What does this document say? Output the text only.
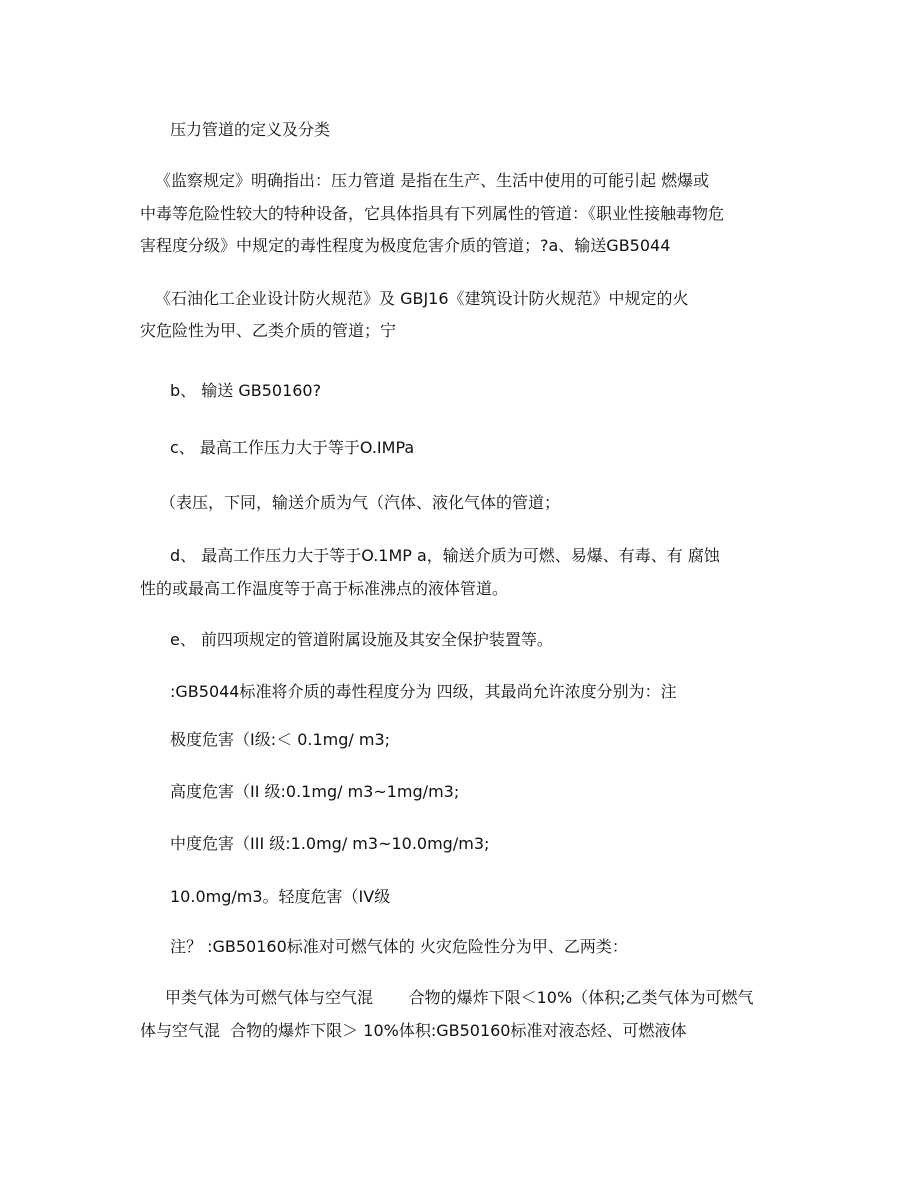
压力管道的定义及分类
《监察规定》明确指出：压力管道 是指在生产、生活中使用的可能引起 燃爆或
中毒等危险性较大的特种设备，它具体指具有下列属性的管道：《职业性接触毒物危
害程度分级》中规定的毒性程度为极度危害介质的管道；?a、输送GB5044
《石油化工企业设计防火规范》及 GBJ16《建筑设计防火规范》中规定的火
灾危险性为甲、乙类介质的管道；宁
b、 输送 GB50160?
c、 最高工作压力大于等于O.IMPa
（表压，下同，输送介质为气（汽体、液化气体的管道；
d、 最高工作压力大于等于O.1MP a，输送介质为可燃、易爆、有毒、有 腐蚀
性的或最高工作温度等于高于标准沸点的液体管道。
e、 前四项规定的管道附属设施及其安全保护装置等。
:GB5044标准将介质的毒性程度分为 四级，其最尚允许浓度分别为：注
极度危害（I级:＜ 0.1mg/ m3;
高度危害（II 级:0.1mg/ m3~1mg/m3;
中度危害（III 级:1.0mg/ m3~10.0mg/m3;
10.0mg/m3。轻度危害（IV级
注？ :GB50160标准对可燃气体的 火灾危险性分为甲、乙两类：
甲类气体为可燃气体与空气混       合物的爆炸下限＜10%（体积;乙类气体为可燃气
体与空气混  合物的爆炸下限＞ 10%体积:GB50160标准对液态烃、可燃液体
